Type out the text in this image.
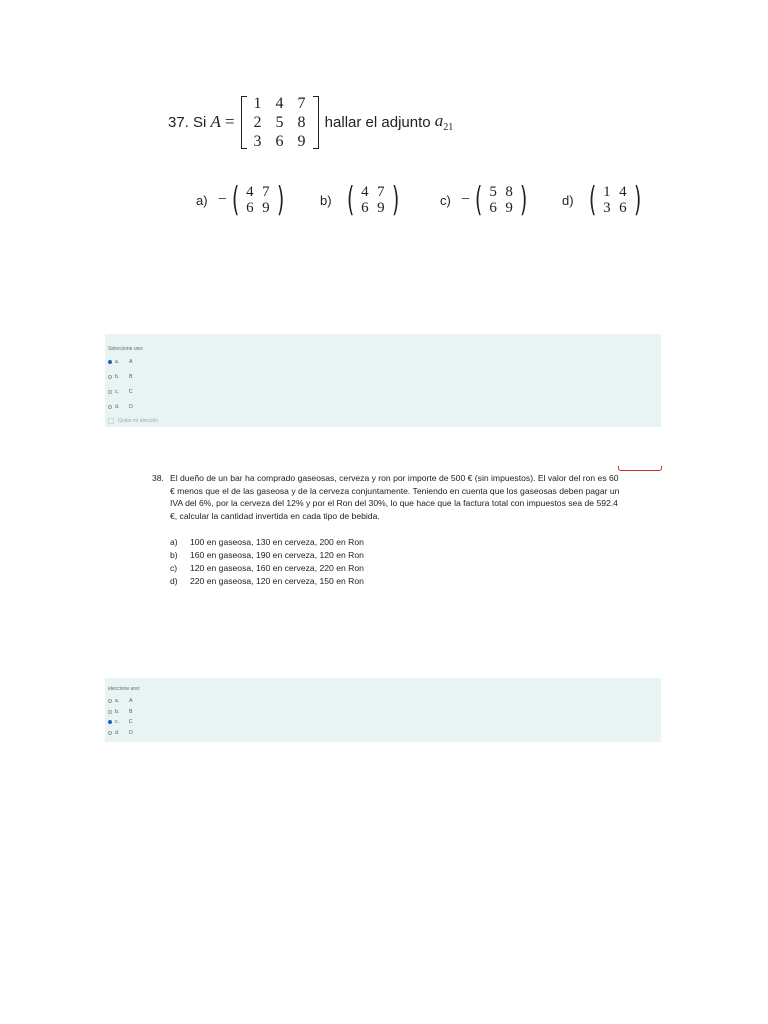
37. Si A =
1 4 7
2 5 8
3 6 9
hallar el adjunto $a_{21}$
a) − ( 4 7
6 9 )	b) ( 4 7
6 9 )	c) − ( 5 8
6 9 )	d) ( 1 4
3 6 )
Seleccione uno:
a. A
b. B
c. C
d. D
Quitar mi elección
38. El dueño de un bar ha comprado gaseosas, cerveza y ron por importe de 500 € (sin impuestos). El valor del ron es 60
€ menos que el de las gaseosa y de la cerveza conjuntamente. Teniendo en cuenta que los gaseosas deben pagar un
IVA del 6%, por la cerveza del 12% y por el Ron del 30%, lo que hace que la factura total con impuestos sea de 592.4
€, calcular la cantidad invertida en cada tipo de bebida.
a)	100 en gaseosa, 130 en cerveza, 200 en Ron
b)	160 en gaseosa, 190 en cerveza, 120 en Ron
c)	120 en gaseosa, 160 en cerveza, 220 en Ron
d)	220 en gaseosa, 120 en cerveza, 150 en Ron
eleccione uno:
a. A
b. B
c. C
d. D
